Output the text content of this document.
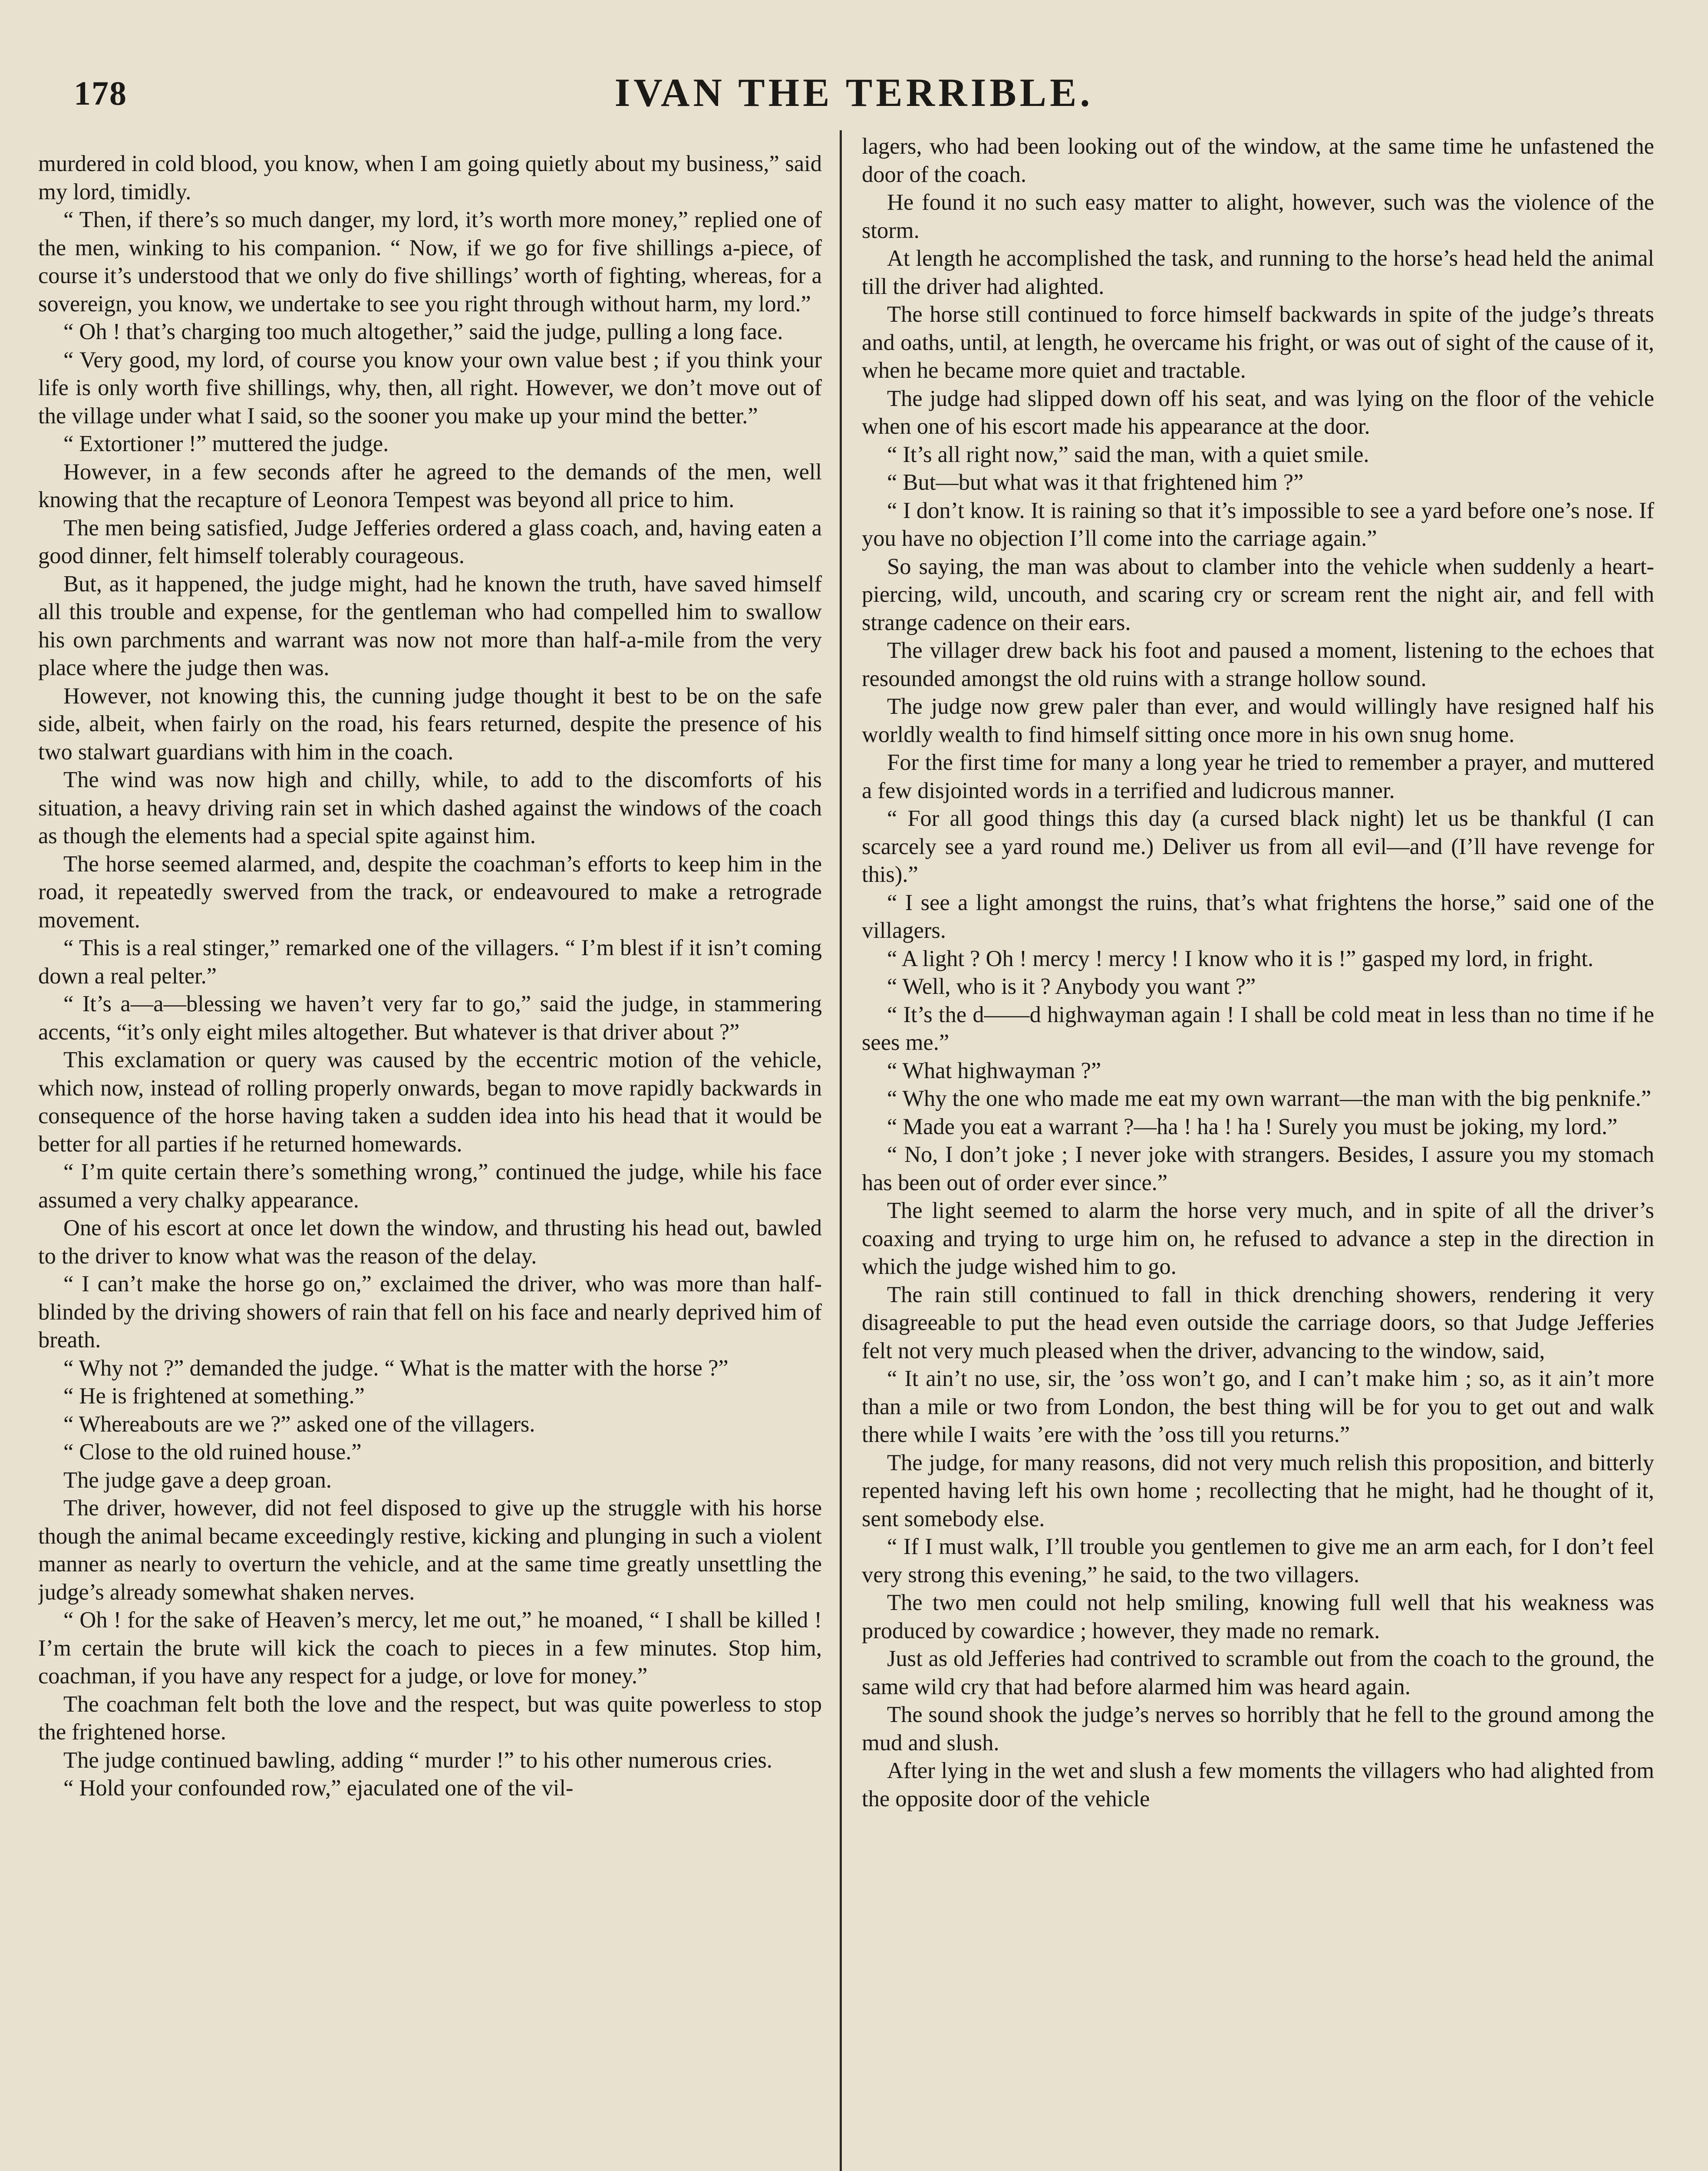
178	IVAN THE TERRIBLE.

murdered in cold blood, you know, when I am going quietly about my business,” said my lord, timidly.

“ Then, if there’s so much danger, my lord, it’s worth more money,” replied one of the men, winking to his companion. “ Now, if we go for five shillings a-piece, of course it’s understood that we only do five shillings’ worth of fighting, whereas, for a sovereign, you know, we undertake to see you right through without harm, my lord.”

“ Oh ! that’s charging too much altogether,” said the judge, pulling a long face.

“ Very good, my lord, of course you know your own value best ; if you think your life is only worth five shillings, why, then, all right. However, we don’t move out of the village under what I said, so the sooner you make up your mind the better.”

“ Extortioner !” muttered the judge.

However, in a few seconds after he agreed to the demands of the men, well knowing that the recapture of Leonora Tempest was beyond all price to him.

The men being satisfied, Judge Jefferies ordered a glass coach, and, having eaten a good dinner, felt himself tolerably courageous.

But, as it happened, the judge might, had he known the truth, have saved himself all this trouble and expense, for the gentleman who had compelled him to swallow his own parchments and warrant was now not more than half-a-mile from the very place where the judge then was.

However, not knowing this, the cunning judge thought it best to be on the safe side, albeit, when fairly on the road, his fears returned, despite the presence of his two stalwart guardians with him in the coach.

The wind was now high and chilly, while, to add to the discomforts of his situation, a heavy driving rain set in which dashed against the windows of the coach as though the elements had a special spite against him.

The horse seemed alarmed, and, despite the coachman’s efforts to keep him in the road, it repeatedly swerved from the track, or endeavoured to make a retrograde movement.

“ This is a real stinger,” remarked one of the villagers. “ I’m blest if it isn’t coming down a real pelter.”

“ It’s a—a—blessing we haven’t very far to go,” said the judge, in stammering accents, “it’s only eight miles altogether. But whatever is that driver about ?”

This exclamation or query was caused by the eccentric motion of the vehicle, which now, instead of rolling properly onwards, began to move rapidly backwards in consequence of the horse having taken a sudden idea into his head that it would be better for all parties if he returned homewards.

“ I’m quite certain there’s something wrong,” continued the judge, while his face assumed a very chalky appearance.

One of his escort at once let down the window, and thrusting his head out, bawled to the driver to know what was the reason of the delay.

“ I can’t make the horse go on,” exclaimed the driver, who was more than half-blinded by the driving showers of rain that fell on his face and nearly deprived him of breath.

“ Why not ?” demanded the judge. “ What is the matter with the horse ?”

“ He is frightened at something.”

“ Whereabouts are we ?” asked one of the villagers.

“ Close to the old ruined house.”

The judge gave a deep groan.

The driver, however, did not feel disposed to give up the struggle with his horse though the animal became exceedingly restive, kicking and plunging in such a violent manner as nearly to overturn the vehicle, and at the same time greatly unsettling the judge’s already somewhat shaken nerves.

“ Oh ! for the sake of Heaven’s mercy, let me out,” he moaned, “ I shall be killed ! I’m certain the brute will kick the coach to pieces in a few minutes. Stop him, coachman, if you have any respect for a judge, or love for money.”

The coachman felt both the love and the respect, but was quite powerless to stop the frightened horse.

The judge continued bawling, adding “ murder !” to his other numerous cries.

“ Hold your confounded row,” ejaculated one of the vil-

lagers, who had been looking out of the window, at the same time he unfastened the door of the coach.

He found it no such easy matter to alight, however, such was the violence of the storm.

At length he accomplished the task, and running to the horse’s head held the animal till the driver had alighted.

The horse still continued to force himself backwards in spite of the judge’s threats and oaths, until, at length, he overcame his fright, or was out of sight of the cause of it, when he became more quiet and tractable.

The judge had slipped down off his seat, and was lying on the floor of the vehicle when one of his escort made his appearance at the door.

“ It’s all right now,” said the man, with a quiet smile.

“ But—but what was it that frightened him ?”

“ I don’t know. It is raining so that it’s impossible to see a yard before one’s nose. If you have no objection I’ll come into the carriage again.”

So saying, the man was about to clamber into the vehicle when suddenly a heart-piercing, wild, uncouth, and scaring cry or scream rent the night air, and fell with strange cadence on their ears.

The villager drew back his foot and paused a moment, listening to the echoes that resounded amongst the old ruins with a strange hollow sound.

The judge now grew paler than ever, and would willingly have resigned half his worldly wealth to find himself sitting once more in his own snug home.

For the first time for many a long year he tried to remember a prayer, and muttered a few disjointed words in a terrified and ludicrous manner.

“ For all good things this day (a cursed black night) let us be thankful (I can scarcely see a yard round me.) Deliver us from all evil—and (I’ll have revenge for this).”

“ I see a light amongst the ruins, that’s what frightens the horse,” said one of the villagers.

“ A light ? Oh ! mercy ! mercy ! I know who it is !” gasped my lord, in fright.

“ Well, who is it ? Anybody you want ?”

“ It’s the d——d highwayman again ! I shall be cold meat in less than no time if he sees me.”

“ What highwayman ?”

“ Why the one who made me eat my own warrant—the man with the big penknife.”

“ Made you eat a warrant ?—ha ! ha ! ha ! Surely you must be joking, my lord.”

“ No, I don’t joke ; I never joke with strangers. Besides, I assure you my stomach has been out of order ever since.”

The light seemed to alarm the horse very much, and in spite of all the driver’s coaxing and trying to urge him on, he refused to advance a step in the direction in which the judge wished him to go.

The rain still continued to fall in thick drenching showers, rendering it very disagreeable to put the head even outside the carriage doors, so that Judge Jefferies felt not very much pleased when the driver, advancing to the window, said,

“ It ain’t no use, sir, the ’oss won’t go, and I can’t make him ; so, as it ain’t more than a mile or two from London, the best thing will be for you to get out and walk there while I waits ’ere with the ’oss till you returns.”

The judge, for many reasons, did not very much relish this proposition, and bitterly repented having left his own home ; recollecting that he might, had he thought of it, sent somebody else.

“ If I must walk, I’ll trouble you gentlemen to give me an arm each, for I don’t feel very strong this evening,” he said, to the two villagers.

The two men could not help smiling, knowing full well that his weakness was produced by cowardice ; however, they made no remark.

Just as old Jefferies had contrived to scramble out from the coach to the ground, the same wild cry that had before alarmed him was heard again.

The sound shook the judge’s nerves so horribly that he fell to the ground among the mud and slush.

After lying in the wet and slush a few moments the villagers who had alighted from the opposite door of the vehicle
